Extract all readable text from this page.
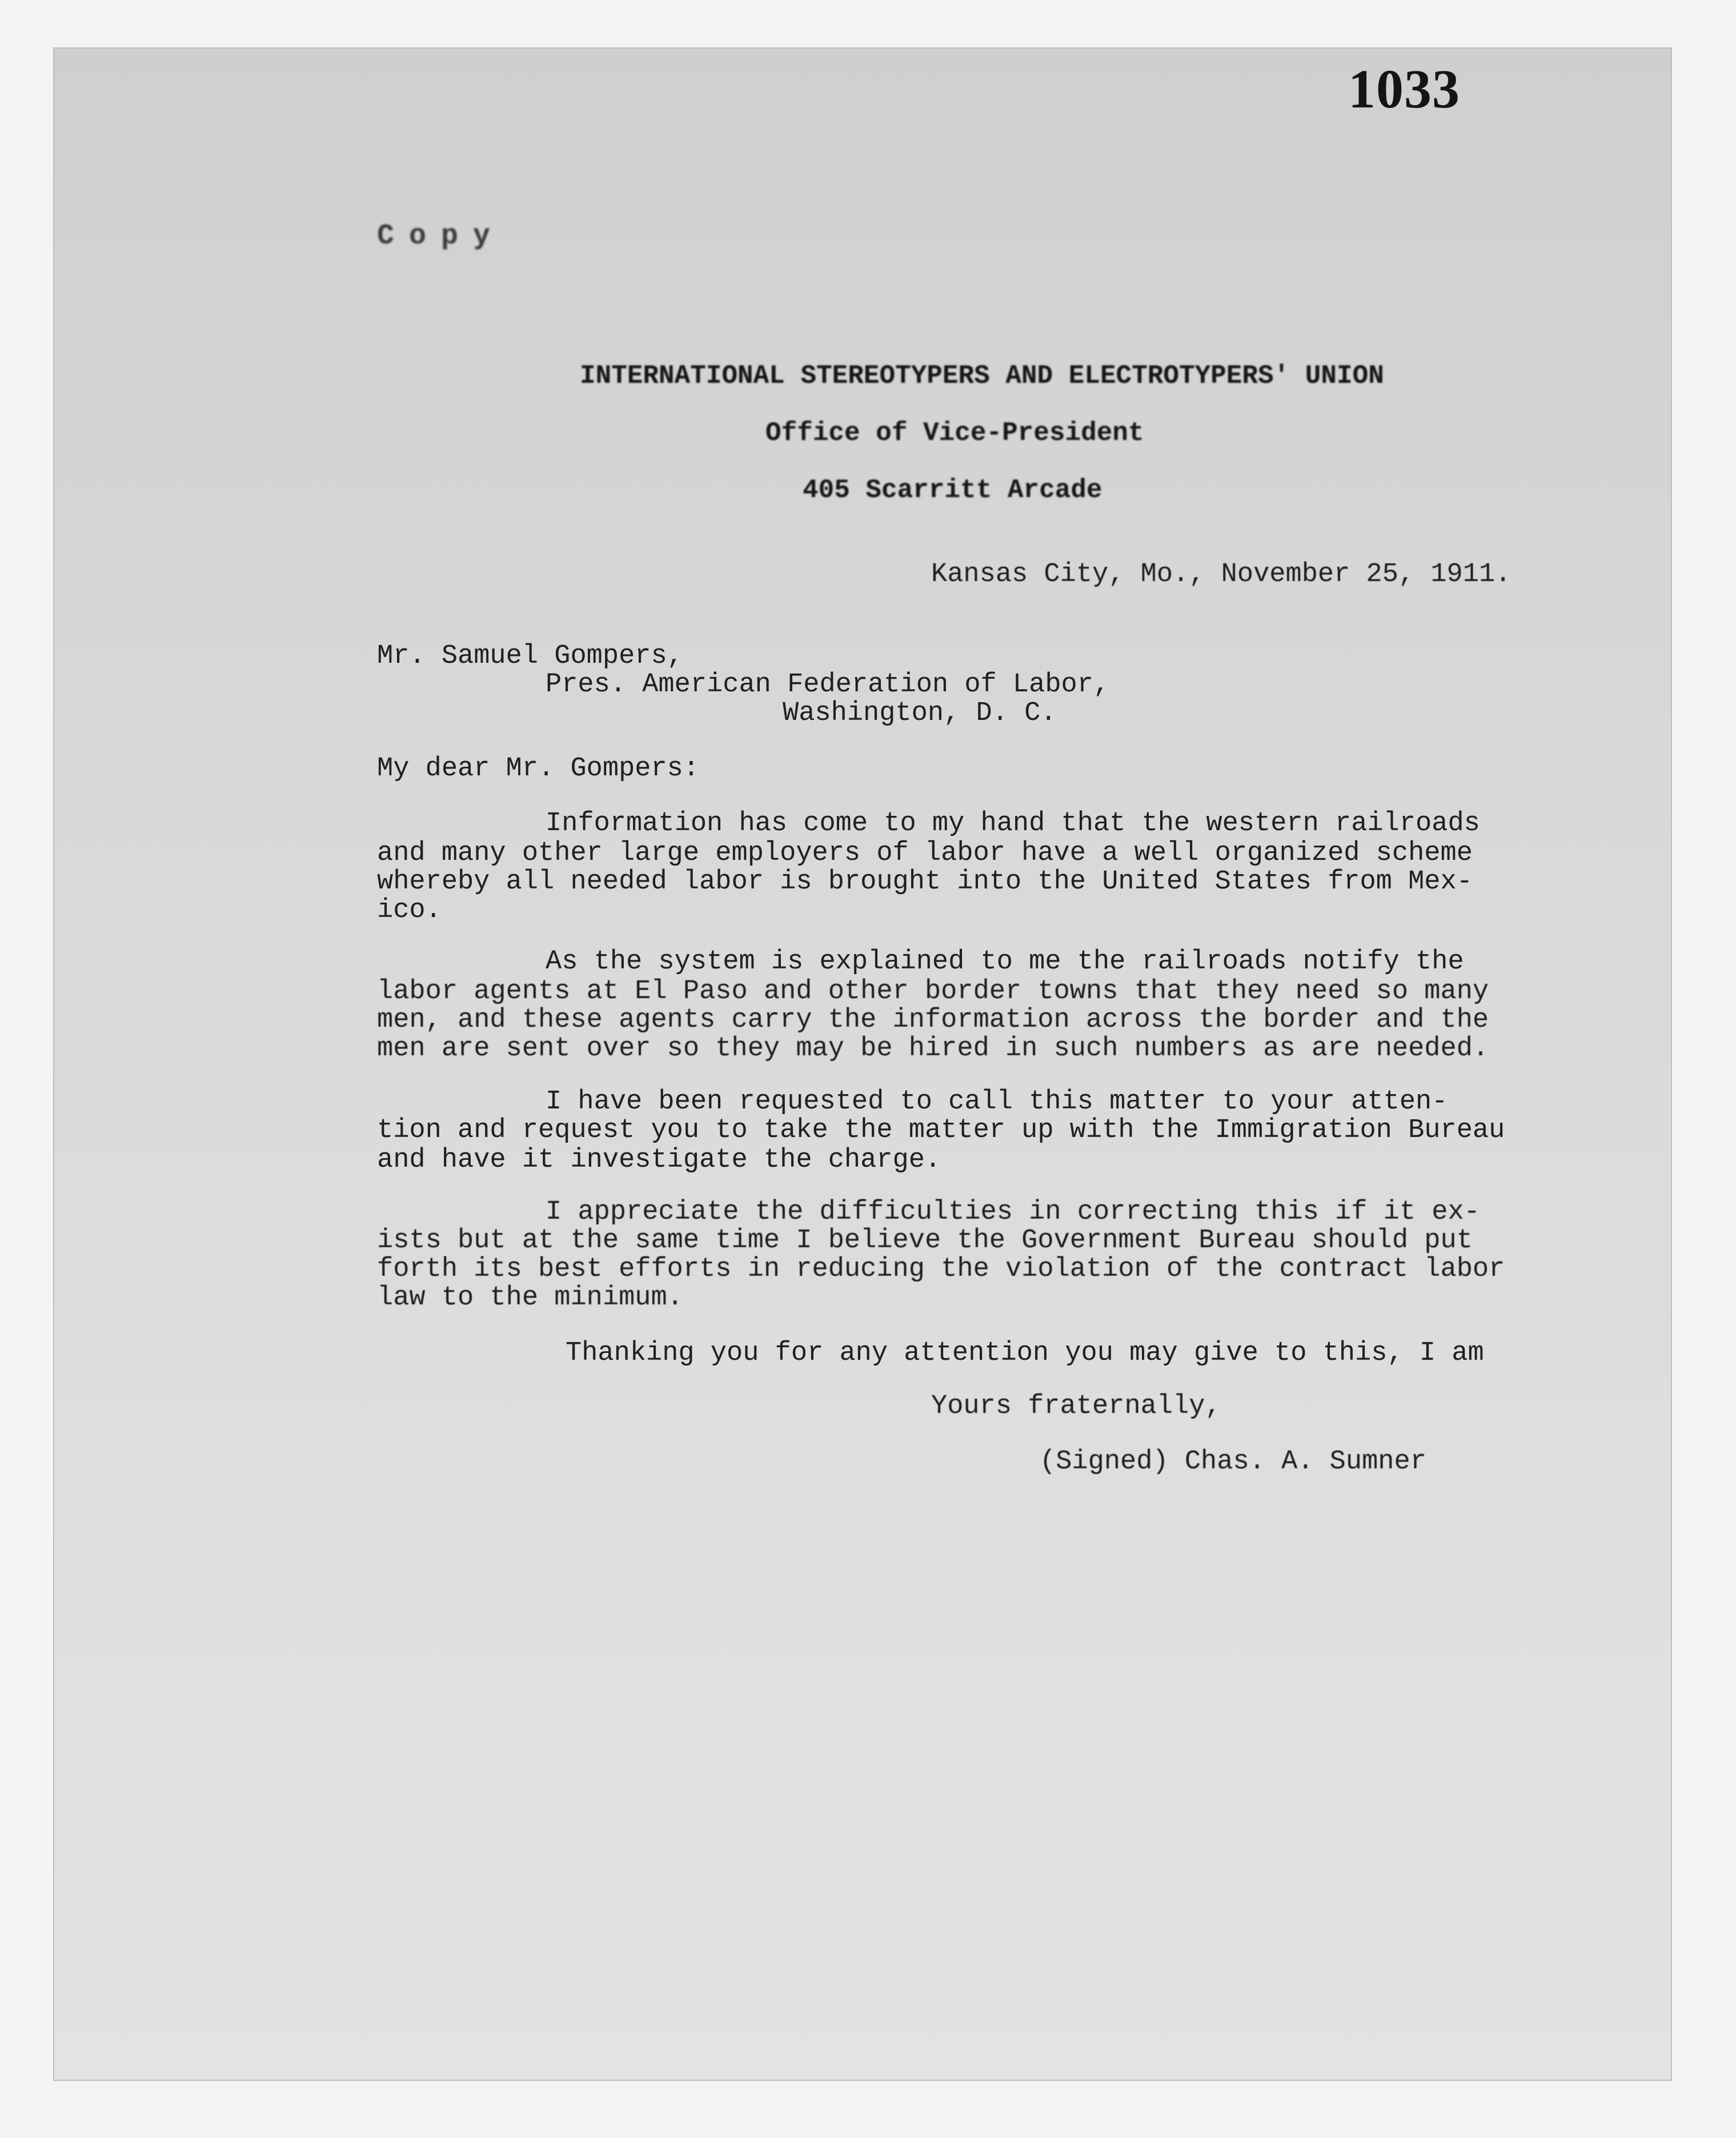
1033
Copy
INTERNATIONAL STEREOTYPERS AND ELECTROTYPERS' UNION
Office of Vice-President
405 Scarritt Arcade
Kansas City, Mo., November 25, 1911.
Mr. Samuel Gompers,
Pres. American Federation of Labor,
Washington, D. C.
My dear Mr. Gompers:
Information has come to my hand that the western railroads
and many other large employers of labor have a well organized scheme
whereby all needed labor is brought into the United States from Mex-
ico.
As the system is explained to me the railroads notify the
labor agents at El Paso and other border towns that they need so many
men, and these agents carry the information across the border and the
men are sent over so they may be hired in such numbers as are needed.
I have been requested to call this matter to your atten-
tion and request you to take the matter up with the Immigration Bureau
and have it investigate the charge.
I appreciate the difficulties in correcting this if it ex-
ists but at the same time I believe the Government Bureau should put
forth its best efforts in reducing the violation of the contract labor
law to the minimum.
Thanking you for any attention you may give to this, I am
Yours fraternally,
(Signed) Chas. A. Sumner
